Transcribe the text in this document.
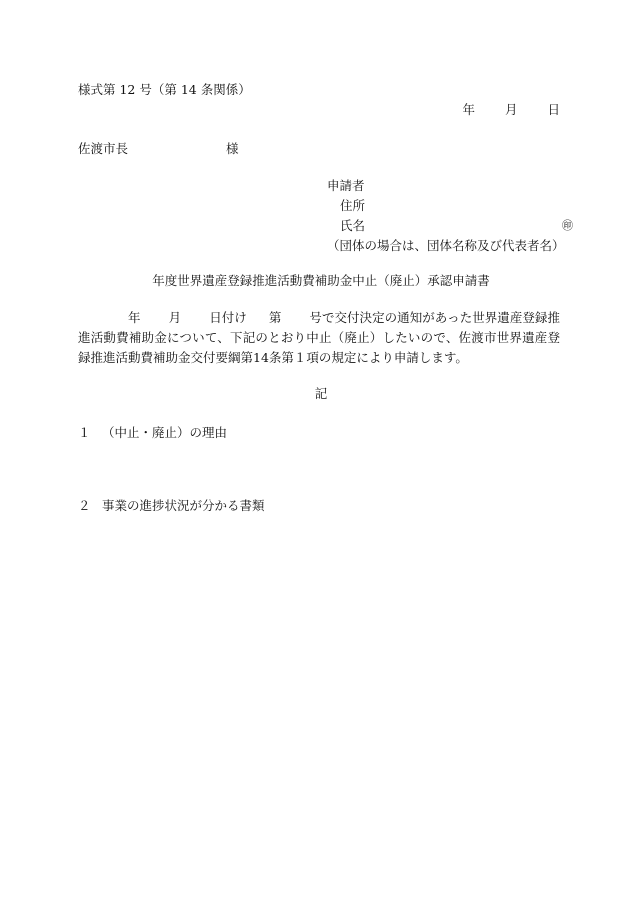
様式第 12 号（第 14 条関係）
年 月 日
佐渡市長	様
申請者
住所
氏名	㊞
（団体の場合は、団体名称及び代表者名）
年度世界遺産登録推進活動費補助金中止（廃止）承認申請書
年 月 日付け 第 号で交付決定の通知があった世界遺産登録推進活動費補助金について、下記のとおり中止（廃止）したいので、佐渡市世界遺産登録推進活動費補助金交付要綱第14条第１項の規定により申請します。
記
１ （中止・廃止）の理由
２ 事業の進捗状況が分かる書類
